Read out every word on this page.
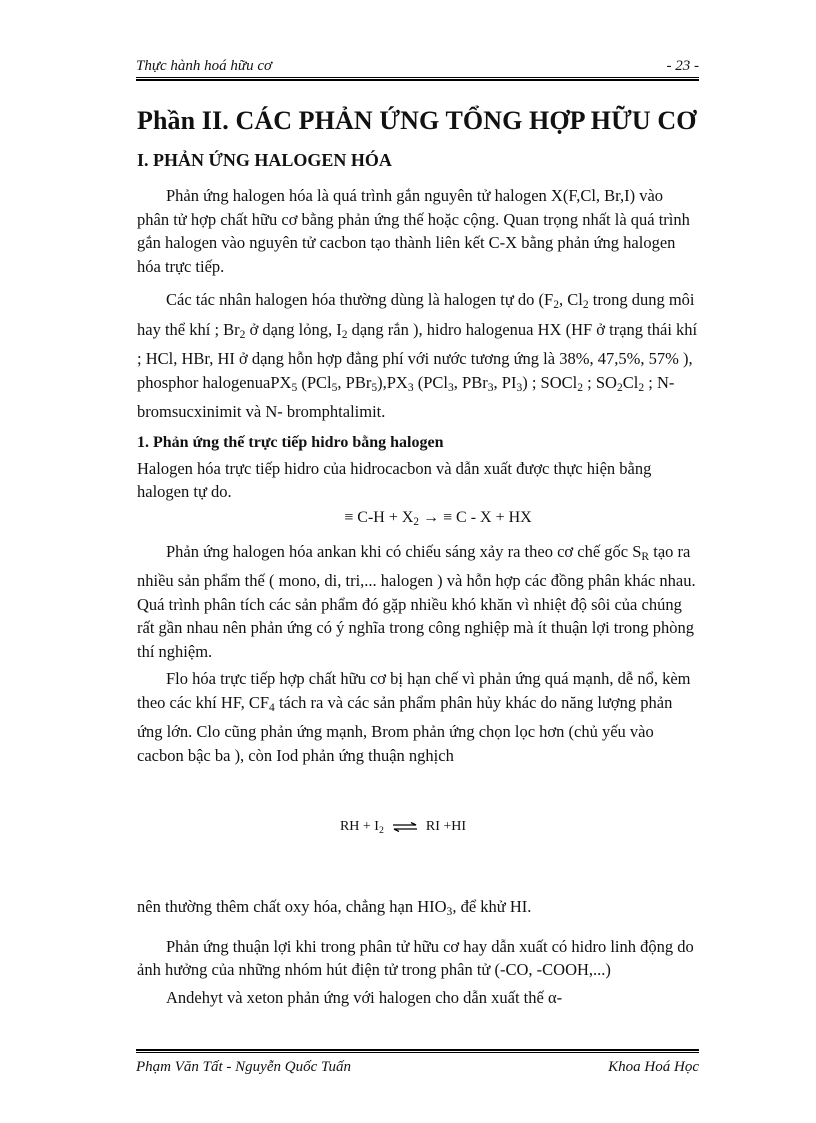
Thực hành hoá hữu cơ	- 23 -
Phần II. CÁC PHẢN ỨNG TỔNG HỢP HỮU CƠ
I. PHẢN ỨNG HALOGEN HÓA

Phản ứng halogen hóa là quá trình gắn nguyên tử halogen X(F,Cl, Br,I) vào phân tử hợp chất hữu cơ bằng phản ứng thế hoặc cộng. Quan trọng nhất là quá trình gắn halogen vào nguyên tử cacbon tạo thành liên kết C-X bằng phản ứng halogen hóa trực tiếp.

Các tác nhân halogen hóa thường dùng là halogen tự do ($F_2$, $Cl_2$ trong dung môi hay thể khí ; $Br_2$ ở dạng lỏng, $I_2$ dạng rắn ), hidro halogenua HX (HF ở trạng thái khí ; HCl, HBr, HI ở dạng hỗn hợp đẳng phí với nước tương ứng là 38%, 47,5%, 57% ), phosphor halogenuaPX$_5$ (PCl$_5$, $PBr_5),PX_3$ (PCl$_3$, PBr$_3$, $PI_3$) ; SOCl$_2$ ; $SO_2Cl_2$ ; N-bromsucxinimit và N- bromphtalimit.

1. Phản ứng thế trực tiếp hidro bằng halogen

Halogen hóa trực tiếp hidro của hidrocacbon và dẫn xuất được thực hiện bằng halogen tự do.

≡ $C-H + X_2$ → ≡ C - X + HX

Phản ứng halogen hóa ankan khi có chiếu sáng xảy ra theo cơ chế gốc $S_R$ tạo ra nhiều sản phẩm thế ( mono, di, tri,... halogen ) và hỗn hợp các đồng phân khác nhau. Quá trình phân tích các sản phẩm đó gặp nhiều khó khăn vì nhiệt độ sôi của chúng rất gần nhau nên phản ứng có ý nghĩa trong công nghiệp mà ít thuận lợi trong phòng thí nghiệm.

Flo hóa trực tiếp hợp chất hữu cơ bị hạn chế vì phản ứng quá mạnh, dễ nổ, kèm theo các khí HF, $CF_4$ tách ra và các sản phẩm phân hủy khác do năng lượng phản ứng lớn. Clo cũng phản ứng mạnh, Brom phản ứng chọn lọc hơn (chủ yếu vào cacbon bậc ba ), còn Iod phản ứng thuận nghịch

RH + $I_2$ ⇌ RI +HI

nên thường thêm chất oxy hóa, chẳng hạn $HIO_3$, để khử HI.

Phản ứng thuận lợi khi trong phân tử hữu cơ hay dẫn xuất có hidro linh động do ảnh hưởng của những nhóm hút điện tử trong phân tử (-CO, -COOH,...)

Andehyt và xeton phản ứng với halogen cho dẫn xuất thế α-

Phạm Văn Tất - Nguyễn Quốc Tuấn	Khoa Hoá Học
